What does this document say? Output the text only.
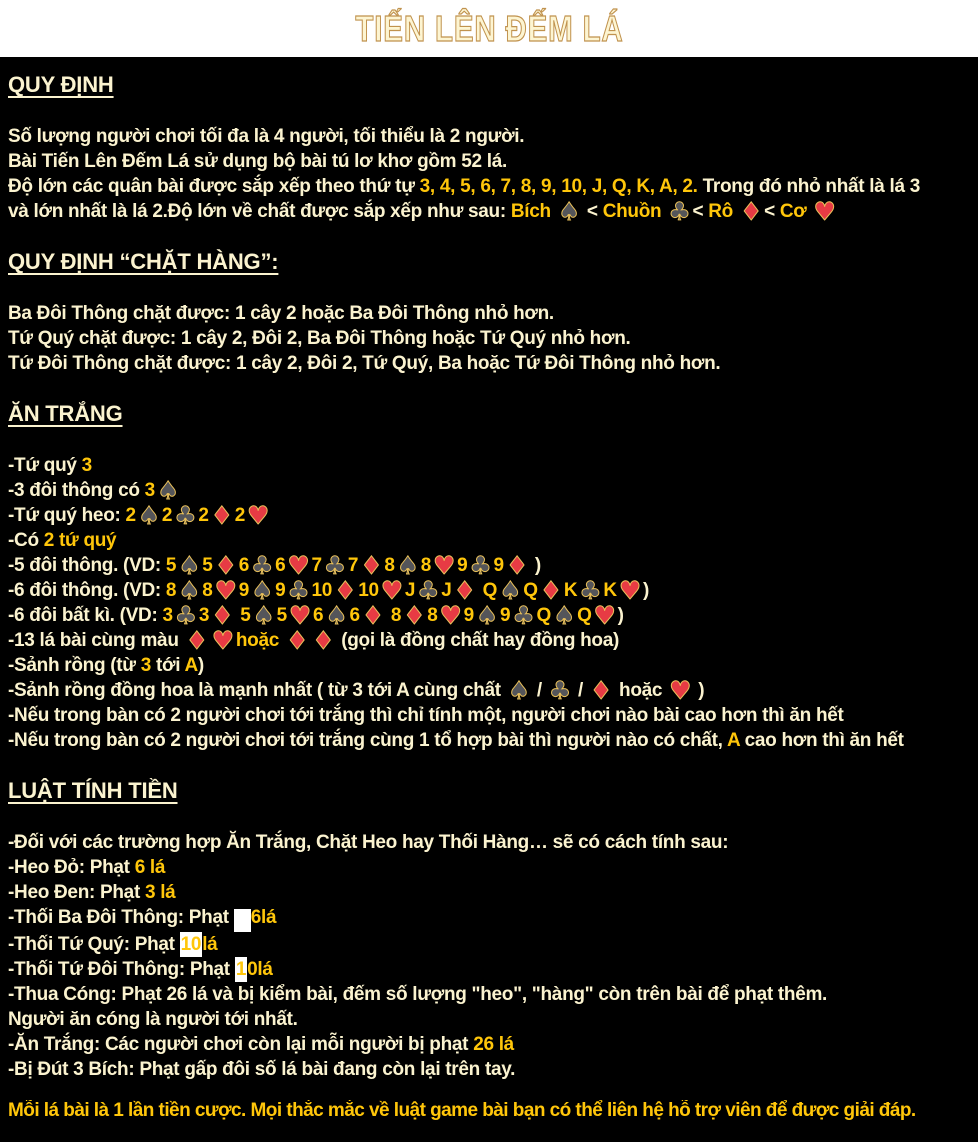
TIẾN LÊN ĐẾM LÁ
QUY ĐỊNH
Số lượng người chơi tối đa là 4 người, tối thiểu là 2 người.
Bài Tiến Lên Đếm Lá sử dụng bộ bài tú lơ khơ gồm 52 lá.
Độ lớn các quân bài được sắp xếp theo thứ tự 3, 4, 5, 6, 7, 8, 9, 10, J, Q, K, A, 2. Trong đó nhỏ nhất là lá 3
và lớn nhất là lá 2.Độ lớn về chất được sắp xếp như sau: Bích ♠ < Chuồn ♣ < Rô ♦ < Cơ ♥
QUY ĐỊNH “CHẶT HÀNG”:
Ba Đôi Thông chặt được: 1 cây 2 hoặc Ba Đôi Thông nhỏ hơn.
Tứ Quý chặt được: 1 cây 2, Đôi 2, Ba Đôi Thông hoặc Tứ Quý nhỏ hơn.
Tứ Đôi Thông chặt được: 1 cây 2, Đôi 2, Tứ Quý, Ba hoặc Tứ Đôi Thông nhỏ hơn.
ĂN TRẮNG
-Tứ quý 3
-3 đôi thông có 3♠
-Tứ quý heo: 2♠ 2♣ 2♦ 2♥
-Có 2 tứ quý
-5 đôi thông. (VD: 5♠ 5♦ 6♣ 6♥ 7♣ 7♦ 8♠ 8♥ 9♣ 9♦ )
-6 đôi thông. (VD: 8♠ 8♥ 9♠ 9♣ 10♦ 10♥ J♣ J♦ Q♠ Q♦ K♣ K♥ )
-6 đôi bất kì. (VD: 3♣ 3♦ 5♠ 5♥ 6♠ 6♦ 8♦ 8♥ 9♠ 9♣ Q♠ Q♥ )
-13 lá bài cùng màu ♦ ♥ hoặc ♦ ♦ (gọi là đồng chất hay đồng hoa)
-Sảnh rồng (từ 3 tới A)
-Sảnh rồng đồng hoa là mạnh nhất ( từ 3 tới A cùng chất ♠ / ♣ / ♦ hoặc ♥ )
-Nếu trong bàn có 2 người chơi tới trắng thì chỉ tính một, người chơi nào bài cao hơn thì ăn hết
-Nếu trong bàn có 2 người chơi tới trắng cùng 1 tổ hợp bài thì người nào có chất, A cao hơn thì ăn hết
LUẬT TÍNH TIỀN
-Đối với các trường hợp Ăn Trắng, Chặt Heo hay Thối Hàng… sẽ có cách tính sau:
-Heo Đỏ: Phạt 6 lá
-Heo Đen: Phạt 3 lá
-Thối Ba Đôi Thông: Phạt  6lá
-Thối Tứ Quý: Phạt 10lá
-Thối Tứ Đôi Thông: Phạt 10lá
-Thua Cóng: Phạt 26 lá và bị kiểm bài, đếm số lượng "heo", "hàng" còn trên bài để phạt thêm.
Người ăn cóng là người tới nhất.
-Ăn Trắng: Các người chơi còn lại mỗi người bị phạt 26 lá
-Bị Đút 3 Bích: Phạt gấp đôi số lá bài đang còn lại trên tay.
Mỗi lá bài là 1 lần tiền cược. Mọi thắc mắc về luật game bài bạn có thể liên hệ hỗ trợ viên để được giải đáp.
